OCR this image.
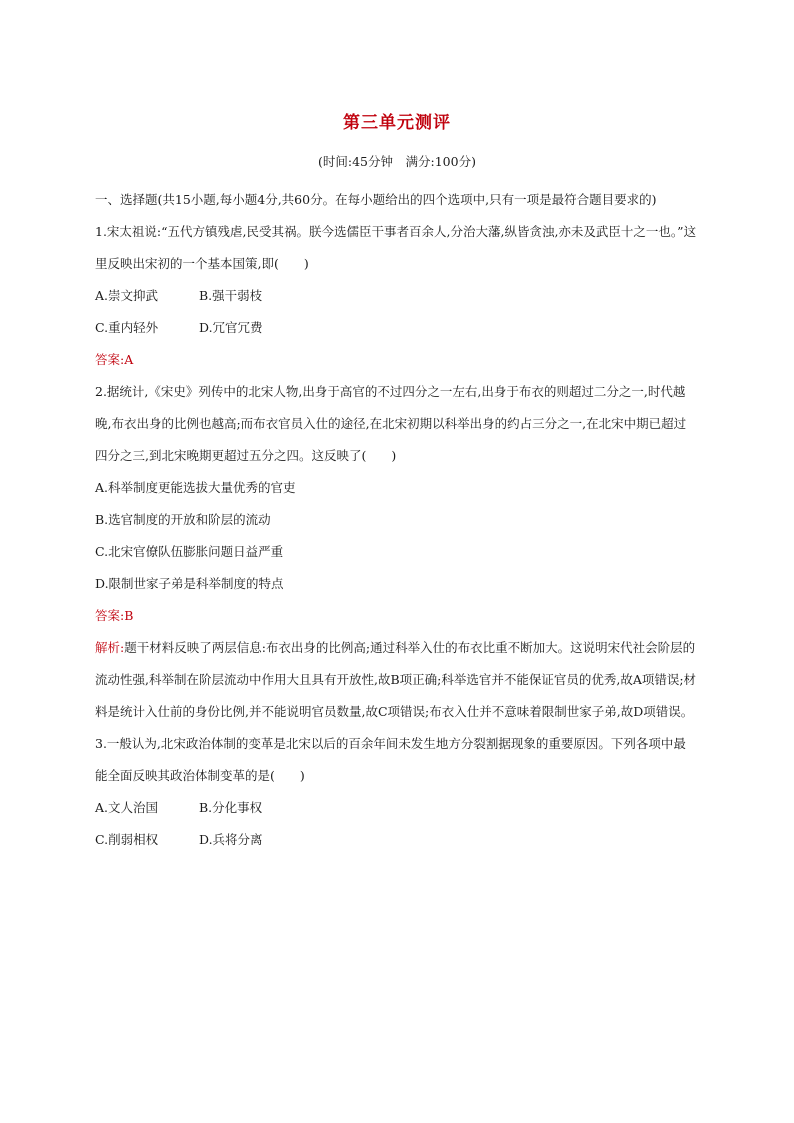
第三单元测评
(时间:45分钟　满分:100分)

一、选择题(共15小题,每小题4分,共60分。在每小题给出的四个选项中,只有一项是最符合题目要求的)

1.宋太祖说:“五代方镇残虐,民受其祸。朕今选儒臣干事者百余人,分治大藩,纵皆贪浊,亦未及武臣十之一也。”这里反映出宋初的一个基本国策,即(　　)

A.崇文抑武	B.强干弱枝

C.重内轻外	D.冗官冗费

答案:A

2.据统计,《宋史》列传中的北宋人物,出身于高官的不过四分之一左右,出身于布衣的则超过二分之一,时代越晚,布衣出身的比例也越高;而布衣官员入仕的途径,在北宋初期以科举出身的约占三分之一,在北宋中期已超过四分之三,到北宋晚期更超过五分之四。这反映了(　　)

A.科举制度更能选拔大量优秀的官吏

B.选官制度的开放和阶层的流动

C.北宋官僚队伍膨胀问题日益严重

D.限制世家子弟是科举制度的特点

答案:B

解析:题干材料反映了两层信息:布衣出身的比例高;通过科举入仕的布衣比重不断加大。这说明宋代社会阶层的流动性强,科举制在阶层流动中作用大且具有开放性,故B项正确;科举选官并不能保证官员的优秀,故A项错误;材料是统计入仕前的身份比例,并不能说明官员数量,故C项错误;布衣入仕并不意味着限制世家子弟,故D项错误。

3.一般认为,北宋政治体制的变革是北宋以后的百余年间未发生地方分裂割据现象的重要原因。下列各项中最能全面反映其政治体制变革的是(　　)

A.文人治国	B.分化事权

C.削弱相权	D.兵将分离
